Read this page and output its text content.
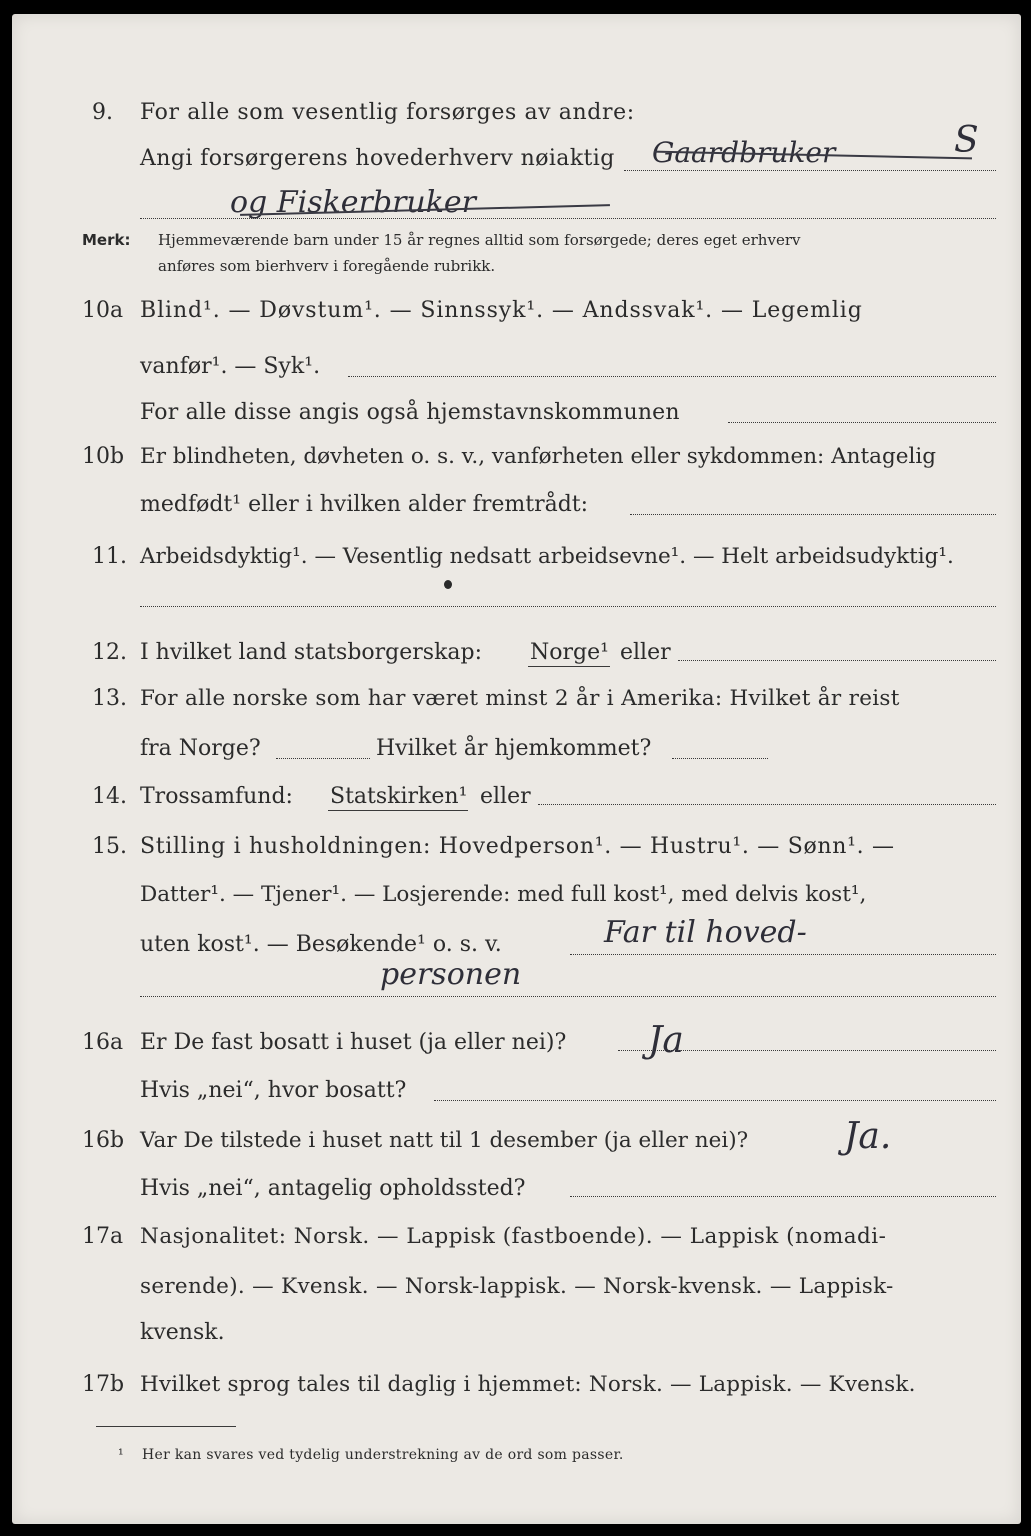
9. For alle som vesentlig forsørges av andre:
Angi forsørgerens hovederhverv nøiaktig Gaardbruker	S
og Fiskerbruker
Merk: Hjemmeværende barn under 15 år regnes alltid som forsørgede; deres eget erhverv
anføres som bierhverv i foregående rubrikk.
10a Blind¹. — Døvstum¹. — Sinnssyk¹. — Andssvak¹. — Legemlig
vanfør¹. — Syk¹.
For alle disse angis også hjemstavnskommunen
10b Er blindheten, døvheten o. s. v., vanførheten eller sykdommen: Antagelig
medfødt¹ eller i hvilken alder fremtrådt:
11. Arbeidsdyktig¹. — Vesentlig nedsatt arbeidsevne¹. — Helt arbeidsudyktig¹.
12. I hvilket land statsborgerskap: Norge¹ eller
13. For alle norske som har været minst 2 år i Amerika: Hvilket år reist
fra Norge?	Hvilket år hjemkommet?
14. Trossamfund: Statskirken¹ eller
15. Stilling i husholdningen: Hovedperson¹. — Hustru¹. — Sønn¹. —
Datter¹. — Tjener¹. — Losjerende: med full kost¹, med delvis kost¹,
uten kost¹. — Besøkende¹ o. s. v.	Far til hoved-
personen
16a Er De fast bosatt i huset (ja eller nei)? Ja
Hvis „nei“, hvor bosatt?
16b Var De tilstede i huset natt til 1 desember (ja eller nei)?	Ja.
Hvis „nei“, antagelig opholdssted?
17a Nasjonalitet: Norsk. — Lappisk (fastboende). — Lappisk (nomadi-
serende). — Kvensk. — Norsk-lappisk. — Norsk-kvensk. — Lappisk-
kvensk.
17b Hvilket sprog tales til daglig i hjemmet: Norsk. — Lappisk. — Kvensk.
¹ Her kan svares ved tydelig understrekning av de ord som passer.
